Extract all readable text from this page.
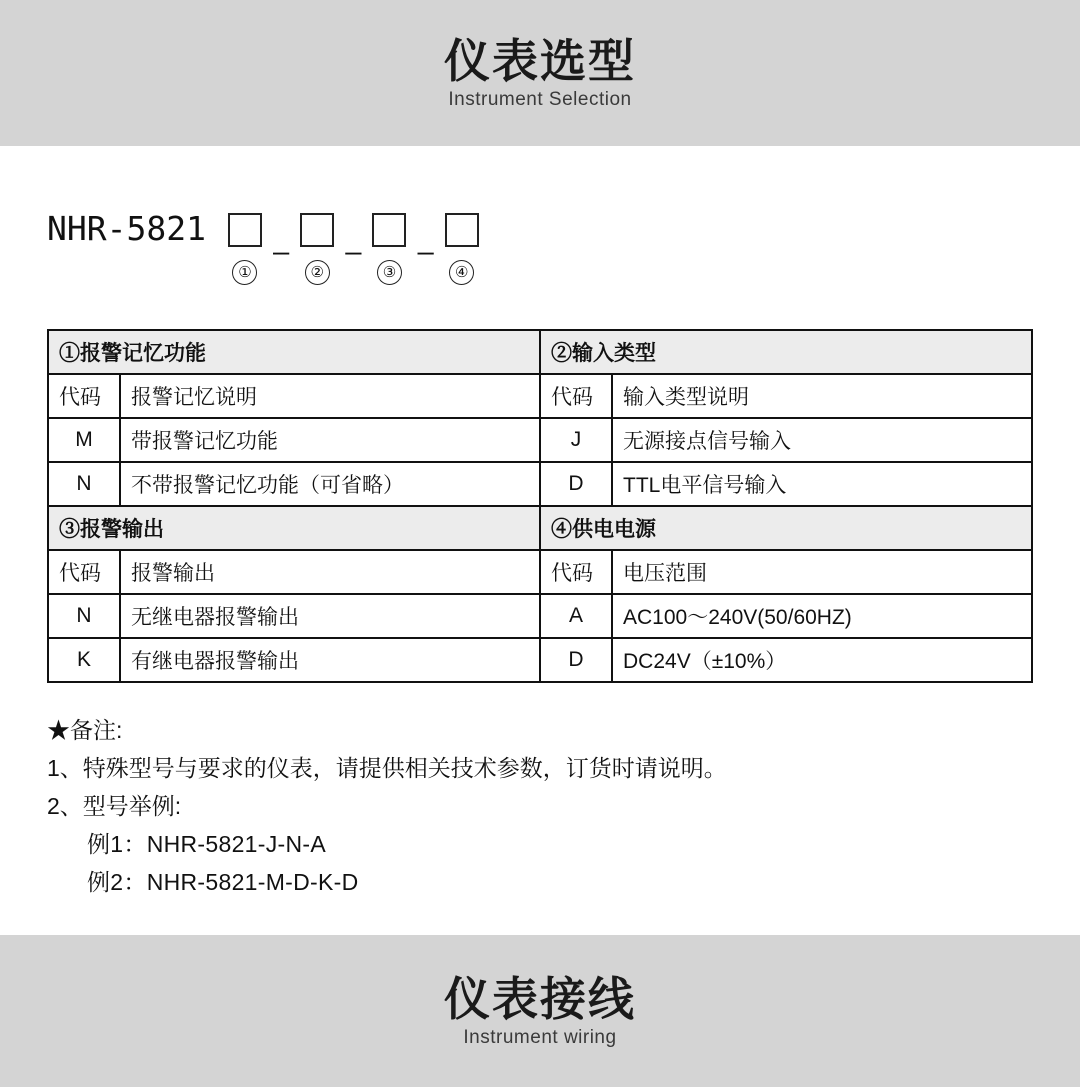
仪表选型
Instrument Selection
NHR-5821
①
–
②
–
③
–
④
①报警记忆功能		②输入类型	
代码	报警记忆说明	代码	输入类型说明
M	带报警记忆功能	J	无源接点信号输入
N	不带报警记忆功能（可省略）	D	TTL电平信号输入
③报警输出		④供电电源	
代码	报警输出	代码	电压范围
N	无继电器报警输出	A	AC100～240V(50/60HZ)
K	有继电器报警输出	D	DC24V（±10%）
★备注:
1、特殊型号与要求的仪表，请提供相关技术参数，订货时请说明。
2、型号举例:
例1：NHR-5821-J-N-A
例2：NHR-5821-M-D-K-D
仪表接线
Instrument wiring
